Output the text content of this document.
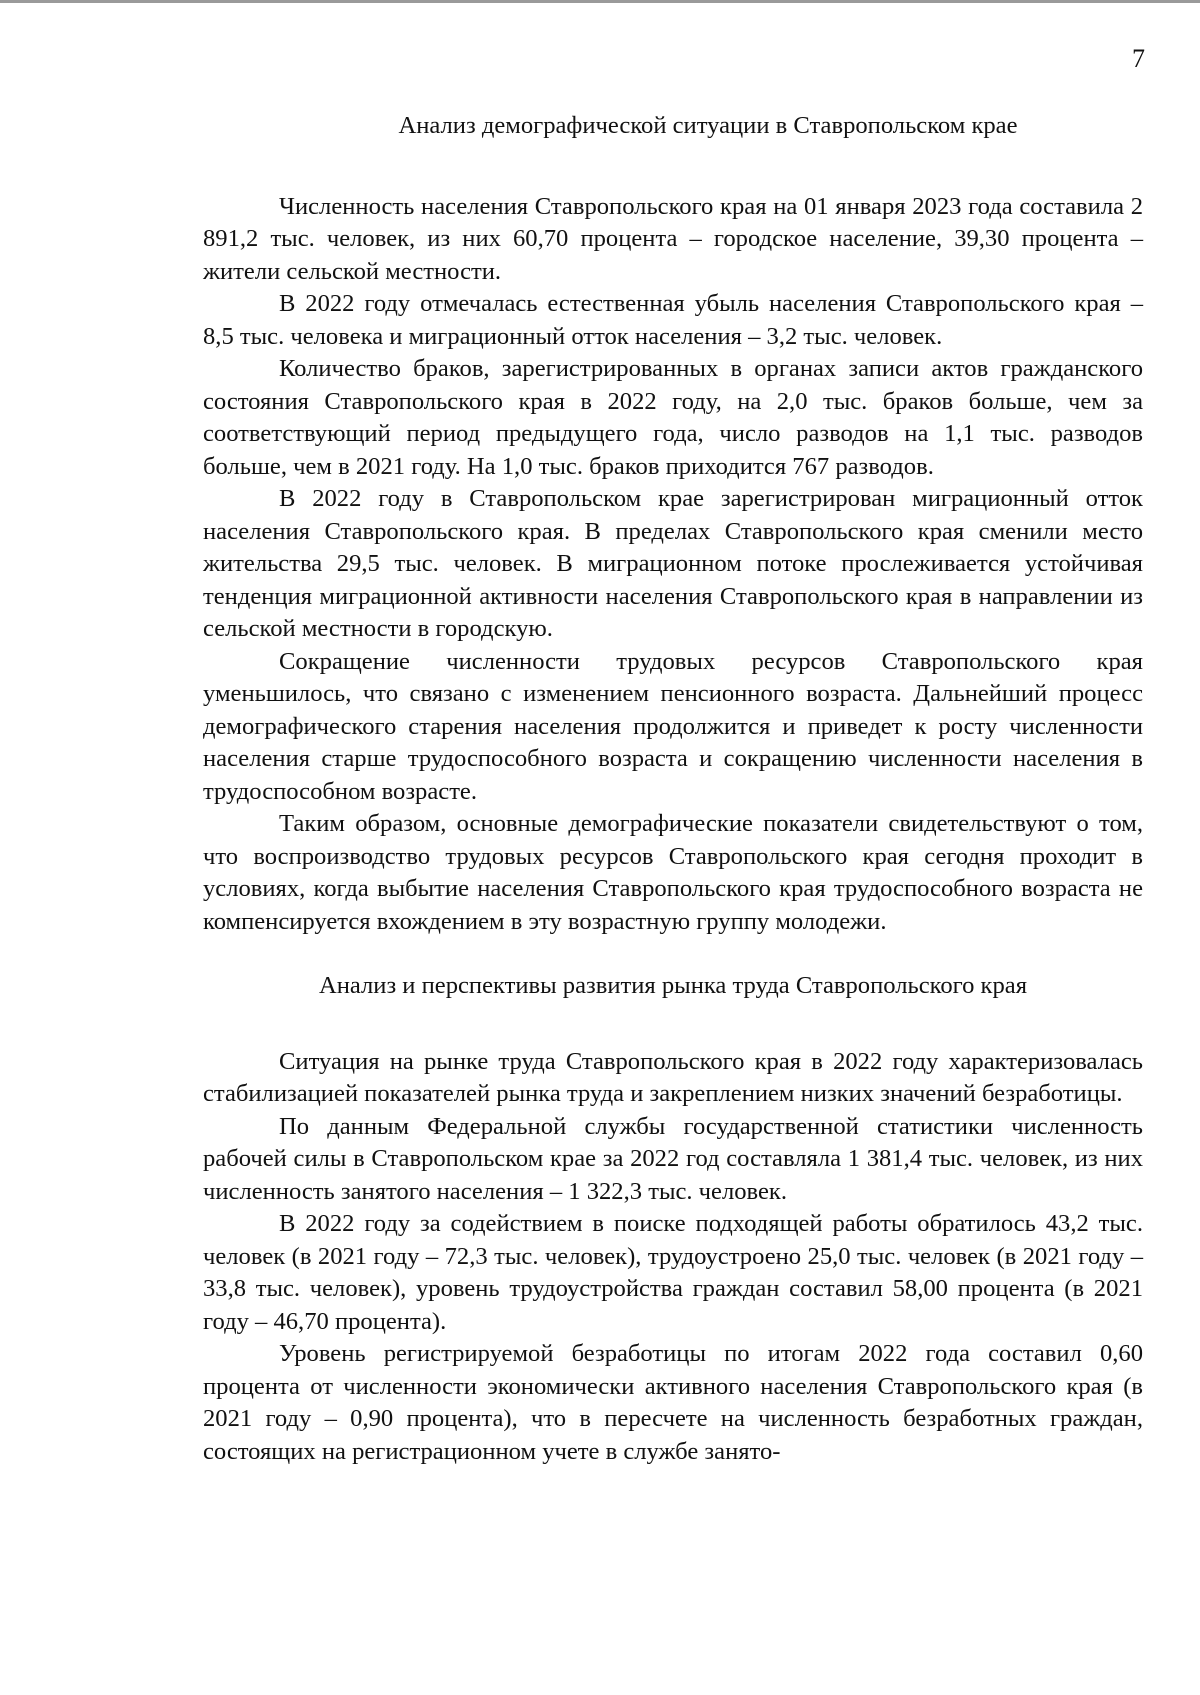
7
Анализ демографической ситуации в Ставропольском крае

Численность населения Ставропольского края на 01 января 2023 года составила 2 891,2 тыс. человек, из них 60,70 процента – городское население, 39,30 процента – жители сельской местности.

В 2022 году отмечалась естественная убыль населения Ставропольского края – 8,5 тыс. человека и миграционный отток населения – 3,2 тыс. человек.

Количество браков, зарегистрированных в органах записи актов гражданского состояния Ставропольского края в 2022 году, на 2,0 тыс. браков больше, чем за соответствующий период предыдущего года, число разводов на 1,1 тыс. разводов больше, чем в 2021 году. На 1,0 тыс. браков приходится 767 разводов.

В 2022 году в Ставропольском крае зарегистрирован миграционный отток населения Ставропольского края. В пределах Ставропольского края сменили место жительства 29,5 тыс. человек. В миграционном потоке прослеживается устойчивая тенденция миграционной активности населения Ставропольского края в направлении из сельской местности в городскую.

Сокращение численности трудовых ресурсов Ставропольского края уменьшилось, что связано с изменением пенсионного возраста. Дальнейший процесс демографического старения населения продолжится и приведет к росту численности населения старше трудоспособного возраста и сокращению численности населения в трудоспособном возрасте.

Таким образом, основные демографические показатели свидетельствуют о том, что воспроизводство трудовых ресурсов Ставропольского края сегодня проходит в условиях, когда выбытие населения Ставропольского края трудоспособного возраста не компенсируется вхождением в эту возрастную группу молодежи.

Анализ и перспективы развития рынка труда Ставропольского края

Ситуация на рынке труда Ставропольского края в 2022 году характеризовалась стабилизацией показателей рынка труда и закреплением низких значений безработицы.

По данным Федеральной службы государственной статистики численность рабочей силы в Ставропольском крае за 2022 год составляла 1 381,4 тыс. человек, из них численность занятого населения – 1 322,3 тыс. человек.

В 2022 году за содействием в поиске подходящей работы обратилось 43,2 тыс. человек (в 2021 году – 72,3 тыс. человек), трудоустроено 25,0 тыс. человек (в 2021 году – 33,8 тыс. человек), уровень трудоустройства граждан составил 58,00 процента (в 2021 году – 46,70 процента).

Уровень регистрируемой безработицы по итогам 2022 года составил 0,60 процента от численности экономически активного населения Ставропольского края (в 2021 году – 0,90 процента), что в пересчете на численность безработных граждан, состоящих на регистрационном учете в службе занято-
